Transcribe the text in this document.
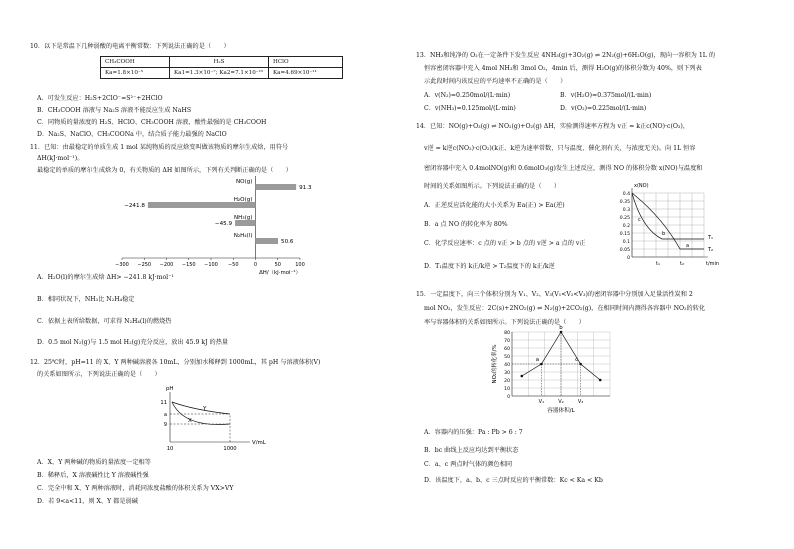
10．以下是常温下几种弱酸的电离平衡常数：下列说法正确的是（　　）
CH₃COOH	H₂S	HClO
Ka=1.8×10⁻⁵	Ka1=1.3×10⁻⁷; Ka2=7.1×10⁻¹⁵	Ka=4.69×10⁻¹¹
A．可发生反应：H₂S+2ClO⁻=S²⁻+2HClO
B．CH₃COOH 溶液与 Na₂S 溶液不能反应生成 NaHS
C．同物质的量浓度的 H₂S、HClO、CH₃COOH 溶液，酸性最强的是 CH₃COOH
D．Na₂S、NaClO、CH₃COONa 中，结合质子能力最强的 NaClO
11．已知：由最稳定的单质生成 1 mol 某纯物质的反应焓变叫做该物质的摩尔生成焓，用符号
ΔH(kJ·mol⁻¹)。
最稳定的单质的摩尔生成焓为 0，有关物质的 ΔH 如图所示，下列有关判断正确的是（　　）
−300 −250 −200 −150 −100 −50	0	50	100
ΔH/（kJ·mol⁻¹）
NO(g)
91.3
H₂O(g)
−241.8
NH₃(g)
−45.9
N₂H₄(l)
50.6
A．H₂O(l)的摩尔生成焓 ΔH> −241.8 kJ·mol⁻¹
B．相同状况下，NH₃比 N₂H₄稳定
C．依据上表所给数据，可求得 N₂H₄(l)的燃烧热
D．0.5 mol N₂(g)与 1.5 mol H₂(g)充分反应，放出 45.9 kJ 的热量
12．25℃时，pH=11 的 X、Y 两种碱溶液各 10mL，分别加水稀释到 1000mL，其 pH 与溶液体积(V)
的关系如图所示，下列说法正确的是（　　）
pH
V/mL
11
a
9
10	1000
Y
X
A．X、Y 两种碱的物质的量浓度一定相等
B．稀释后，X 溶液碱性比 Y 溶液碱性强
C．完全中和 X、Y 两种溶液时，消耗同浓度盐酸的体积关系为 VX>VY
D．若 9<a<11，则 X、Y 都是弱碱
13．NH₃和纯净的 O₂在一定条件下发生反应 4NH₃(g)+3O₂(g) ⇌ 2N₂(g)+6H₂O(g)，现向一容积为 1L 的
恒容密闭容器中充入 4mol NH₃和 3mol O₂，4min 后，测得 H₂O(g)的体积分数为 40%，则下列表
示此段时间内该反应的平均速率不正确的是（　　）
A．v(N₂)=0.250mol/(L·min)	B．v(H₂O)=0.375mol/(L·min)
C．v(NH₃)=0.125mol/(L·min)	D．v(O₂)=0.225mol/(L·min)
14．已知：NO(g)+O₃(g) ⇌ NO₂(g)+O₂(g) ΔH，实验测得速率方程为 v正 = k正c(NO)·c(O₃)，
v逆 = k逆c(NO₂)·c(O₂)(k正、k逆为速率常数，只与温度、催化剂有关，与浓度无关)。向 1L 恒容
密闭容器中充入 0.4molNO(g)和 0.6molO₃(g)发生上述反应，测得 NO 的体积分数 x(NO)与温度和
时间的关系如图所示。下列说法正确的是（　　）
A．正逆反应活化能的大小关系为 Ea(正) > Ea(逆)
B．a 点 NO 的转化率为 80%
C．化学反应速率：c 点的 v正 > b 点的 v逆 > a 点的 v正
D．T₁温度下的 k正/k逆 > T₂温度下的 k正/k逆
0.4
0.35
0.3
0.25
0.2
0.15
0.1
0.05
0
x(NO)
t/min
t₁	t₂
T₁
T₂
c
b
a
15．一定温度下，向三个体积分别为 V₁、V₂、V₃(V₁<V₂<V₃)的密闭容器中分别加入足量活性炭和 2
mol NO₂，发生反应：2C(s)+2NO₂(g) ⇌ N₂(g)+2CO₂(g)，在相同时间内测得各容器中 NO₂的转化
率与容器体积的关系如图所示。下列说法正确的是（　　）
80
70
60
50
40
30
20
10
0
NO₂的转化率/%
容器体积/L
V₁
a
V₂
b
V₃
c
A．容器内的压强：Pa : Pb > 6 : 7
B．bc 曲线上反应均达到平衡状态
C．a、c 两点时气体的颜色相同
D．该温度下，a、b、c 三点时反应的平衡常数：Kc < Ka < Kb
